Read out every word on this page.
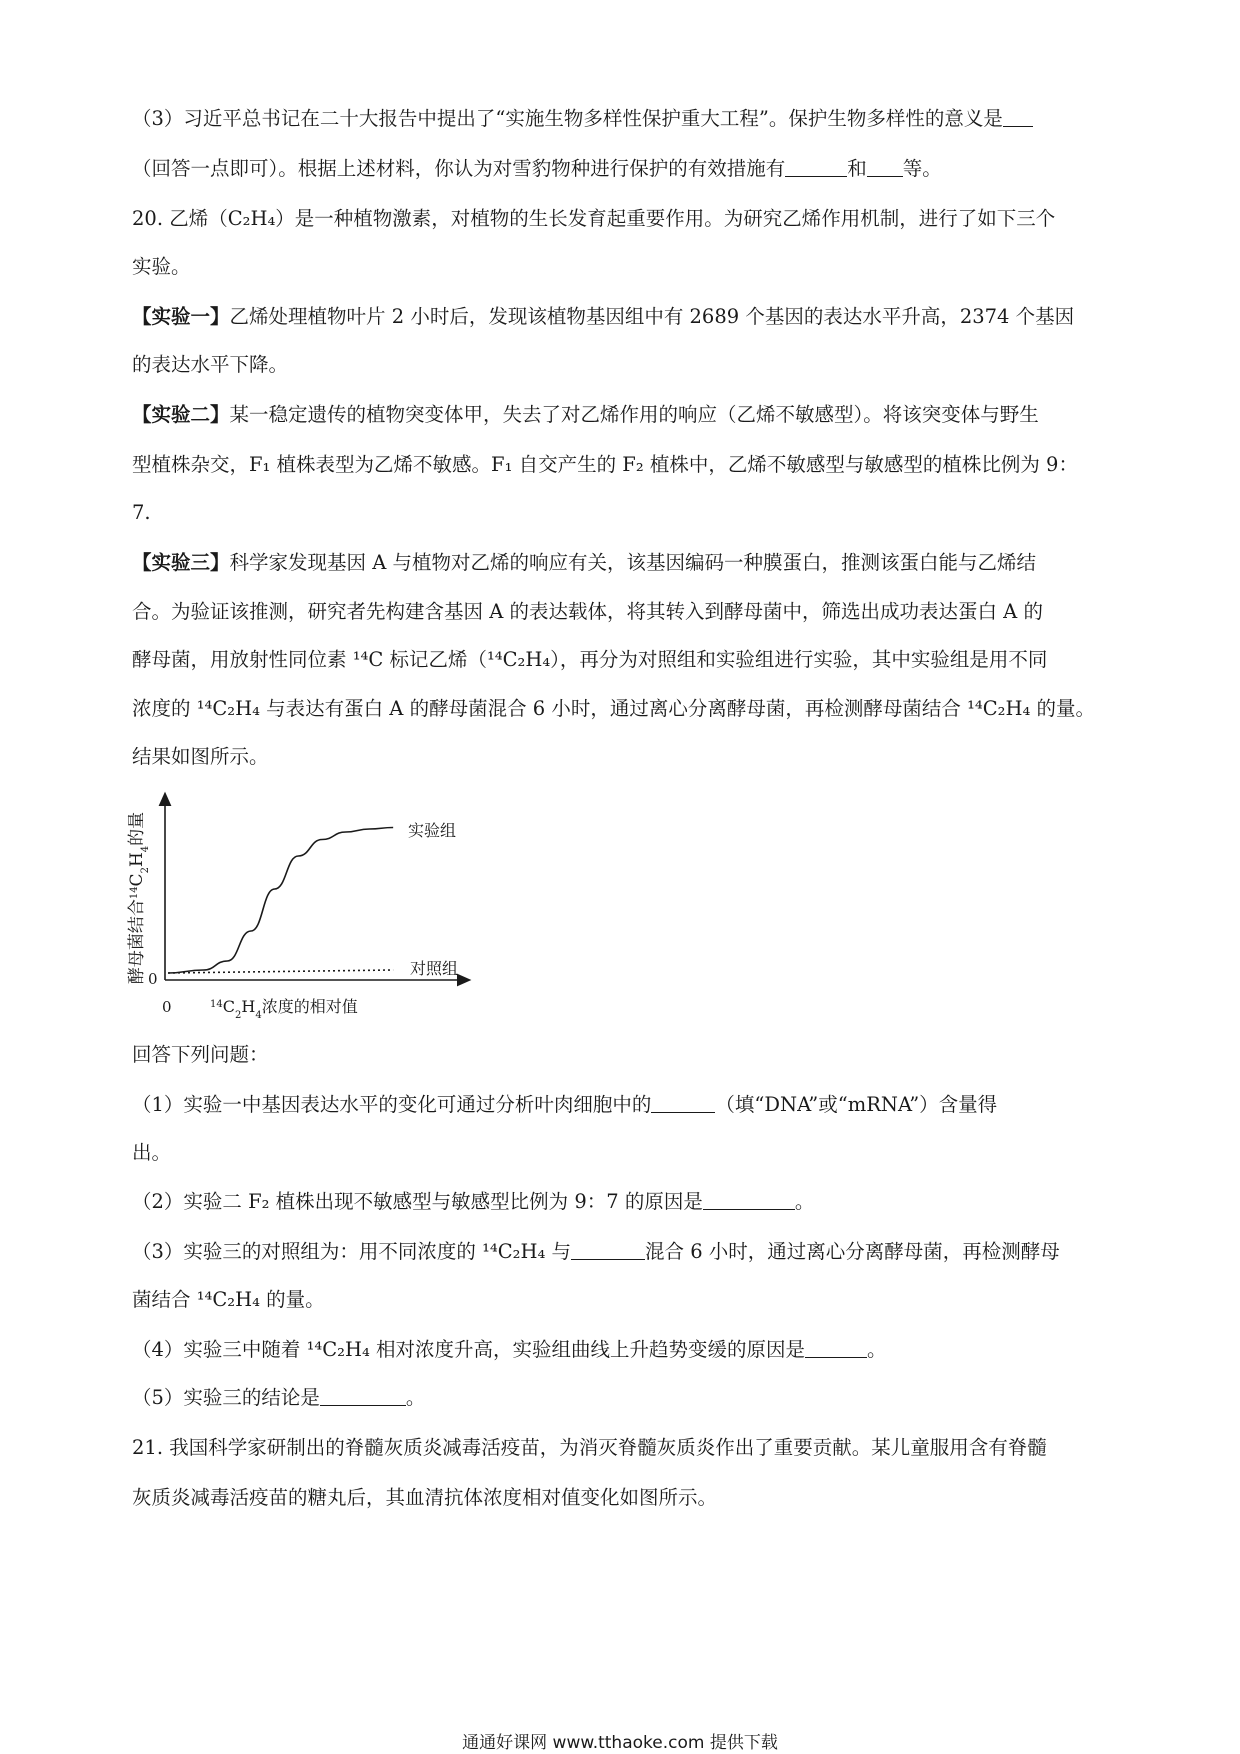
（3）习近平总书记在二十大报告中提出了“实施生物多样性保护重大工程”。保护生物多样性的意义是
（回答一点即可）。根据上述材料，你认为对雪豹物种进行保护的有效措施有	和 等。
20. 乙烯（C₂H₄）是一种植物激素，对植物的生长发育起重要作用。为研究乙烯作用机制，进行了如下三个
实验。
【实验一】乙烯处理植物叶片 2 小时后，发现该植物基因组中有 2689 个基因的表达水平升高，2374 个基因
的表达水平下降。
【实验二】某一稳定遗传的植物突变体甲，失去了对乙烯作用的响应（乙烯不敏感型）。将该突变体与野生
型植株杂交，F₁ 植株表型为乙烯不敏感。F₁ 自交产生的 F₂ 植株中，乙烯不敏感型与敏感型的植株比例为 9：
7.
【实验三】科学家发现基因 A 与植物对乙烯的响应有关，该基因编码一种膜蛋白，推测该蛋白能与乙烯结
合。为验证该推测，研究者先构建含基因 A 的表达载体，将其转入到酵母菌中，筛选出成功表达蛋白 A 的
酵母菌，用放射性同位素 ¹⁴C 标记乙烯（¹⁴C₂H₄），再分为对照组和实验组进行实验，其中实验组是用不同
浓度的 ¹⁴C₂H₄ 与表达有蛋白 A 的酵母菌混合 6 小时，通过离心分离酵母菌，再检测酵母菌结合 ¹⁴C₂H₄ 的量。
结果如图所示。
酵母菌结合$^{14}C_2H_4$的量
0
0	$^{14}C_2H_4$浓度的相对值
实验组
对照组
回答下列问题：
（1）实验一中基因表达水平的变化可通过分析叶肉细胞中的	（填“DNA”或“mRNA”）含量得
出。
（2）实验二 F₂ 植株出现不敏感型与敏感型比例为 9：7 的原因是	。
（3）实验三的对照组为：用不同浓度的 ¹⁴C₂H₄ 与	混合 6 小时，通过离心分离酵母菌，再检测酵母
菌结合 ¹⁴C₂H₄ 的量。
（4）实验三中随着 ¹⁴C₂H₄ 相对浓度升高，实验组曲线上升趋势变缓的原因是	。
（5）实验三的结论是	。
21. 我国科学家研制出的脊髓灰质炎减毒活疫苗，为消灭脊髓灰质炎作出了重要贡献。某儿童服用含有脊髓
灰质炎减毒活疫苗的糖丸后，其血清抗体浓度相对值变化如图所示。
通通好课网 www.tthaoke.com 提供下载
